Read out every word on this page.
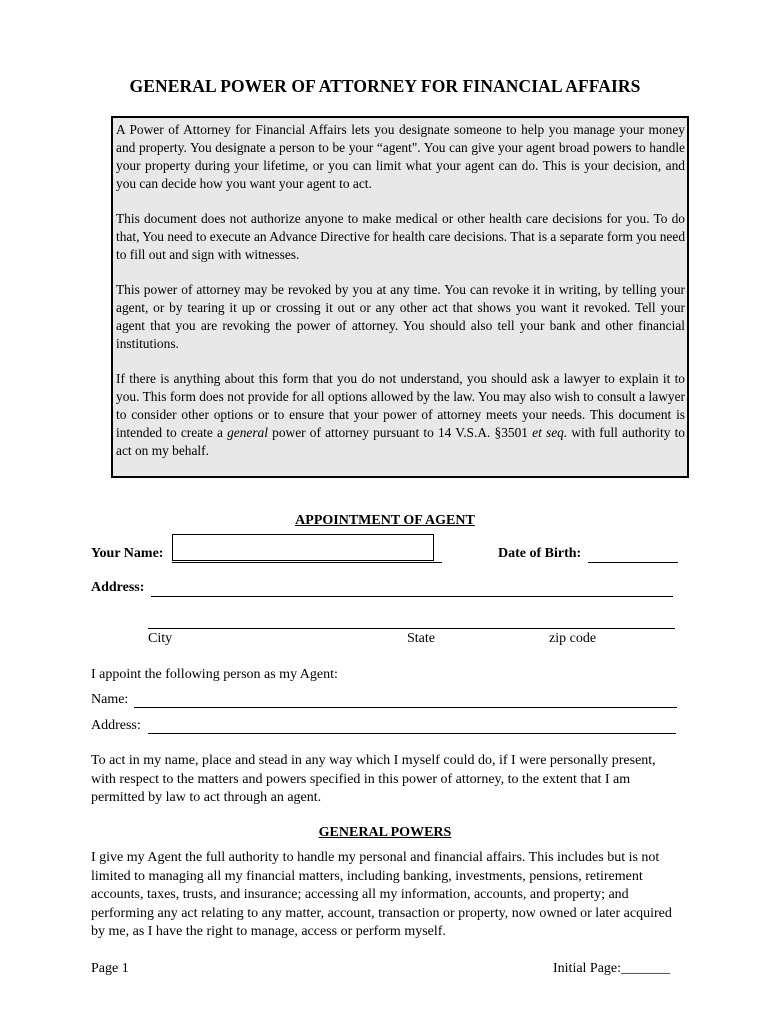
GENERAL POWER OF ATTORNEY FOR FINANCIAL AFFAIRS

A Power of Attorney for Financial Affairs lets you designate someone to help you manage your money and property. You designate a person to be your “agent". You can give your agent broad powers to handle your property during your lifetime, or you can limit what your agent can do. This is your decision, and you can decide how you want your agent to act.

This document does not authorize anyone to make medical or other health care decisions for you. To do that, You need to execute an Advance Directive for health care decisions. That is a separate form you need to fill out and sign with witnesses.

This power of attorney may be revoked by you at any time. You can revoke it in writing, by telling your agent, or by tearing it up or crossing it out or any other act that shows you want it revoked. Tell your agent that you are revoking the power of attorney. You should also tell your bank and other financial institutions.

If there is anything about this form that you do not understand, you should ask a lawyer to explain it to you. This form does not provide for all options allowed by the law. You may also wish to consult a lawyer to consider other options or to ensure that your power of attorney meets your needs. This document is intended to create a general power of attorney pursuant to 14 V.S.A. §3501 et seq. with full authority to act on my behalf.

APPOINTMENT OF AGENT
Your Name:	Date of Birth:
Address:
City	State	zip code
I appoint the following person as my Agent:
Name:
Address:
To act in my name, place and stead in any way which I myself could do, if I were personally present, with respect to the matters and powers specified in this power of attorney, to the extent that I am permitted by law to act through an agent.
GENERAL POWERS
I give my Agent the full authority to handle my personal and financial affairs. This includes but is not limited to managing all my financial matters, including banking, investments, pensions, retirement accounts, taxes, trusts, and insurance; accessing all my information, accounts, and property; and performing any act relating to any matter, account, transaction or property, now owned or later acquired by me, as I have the right to manage, access or perform myself.
Page 1	Initial Page:_______
